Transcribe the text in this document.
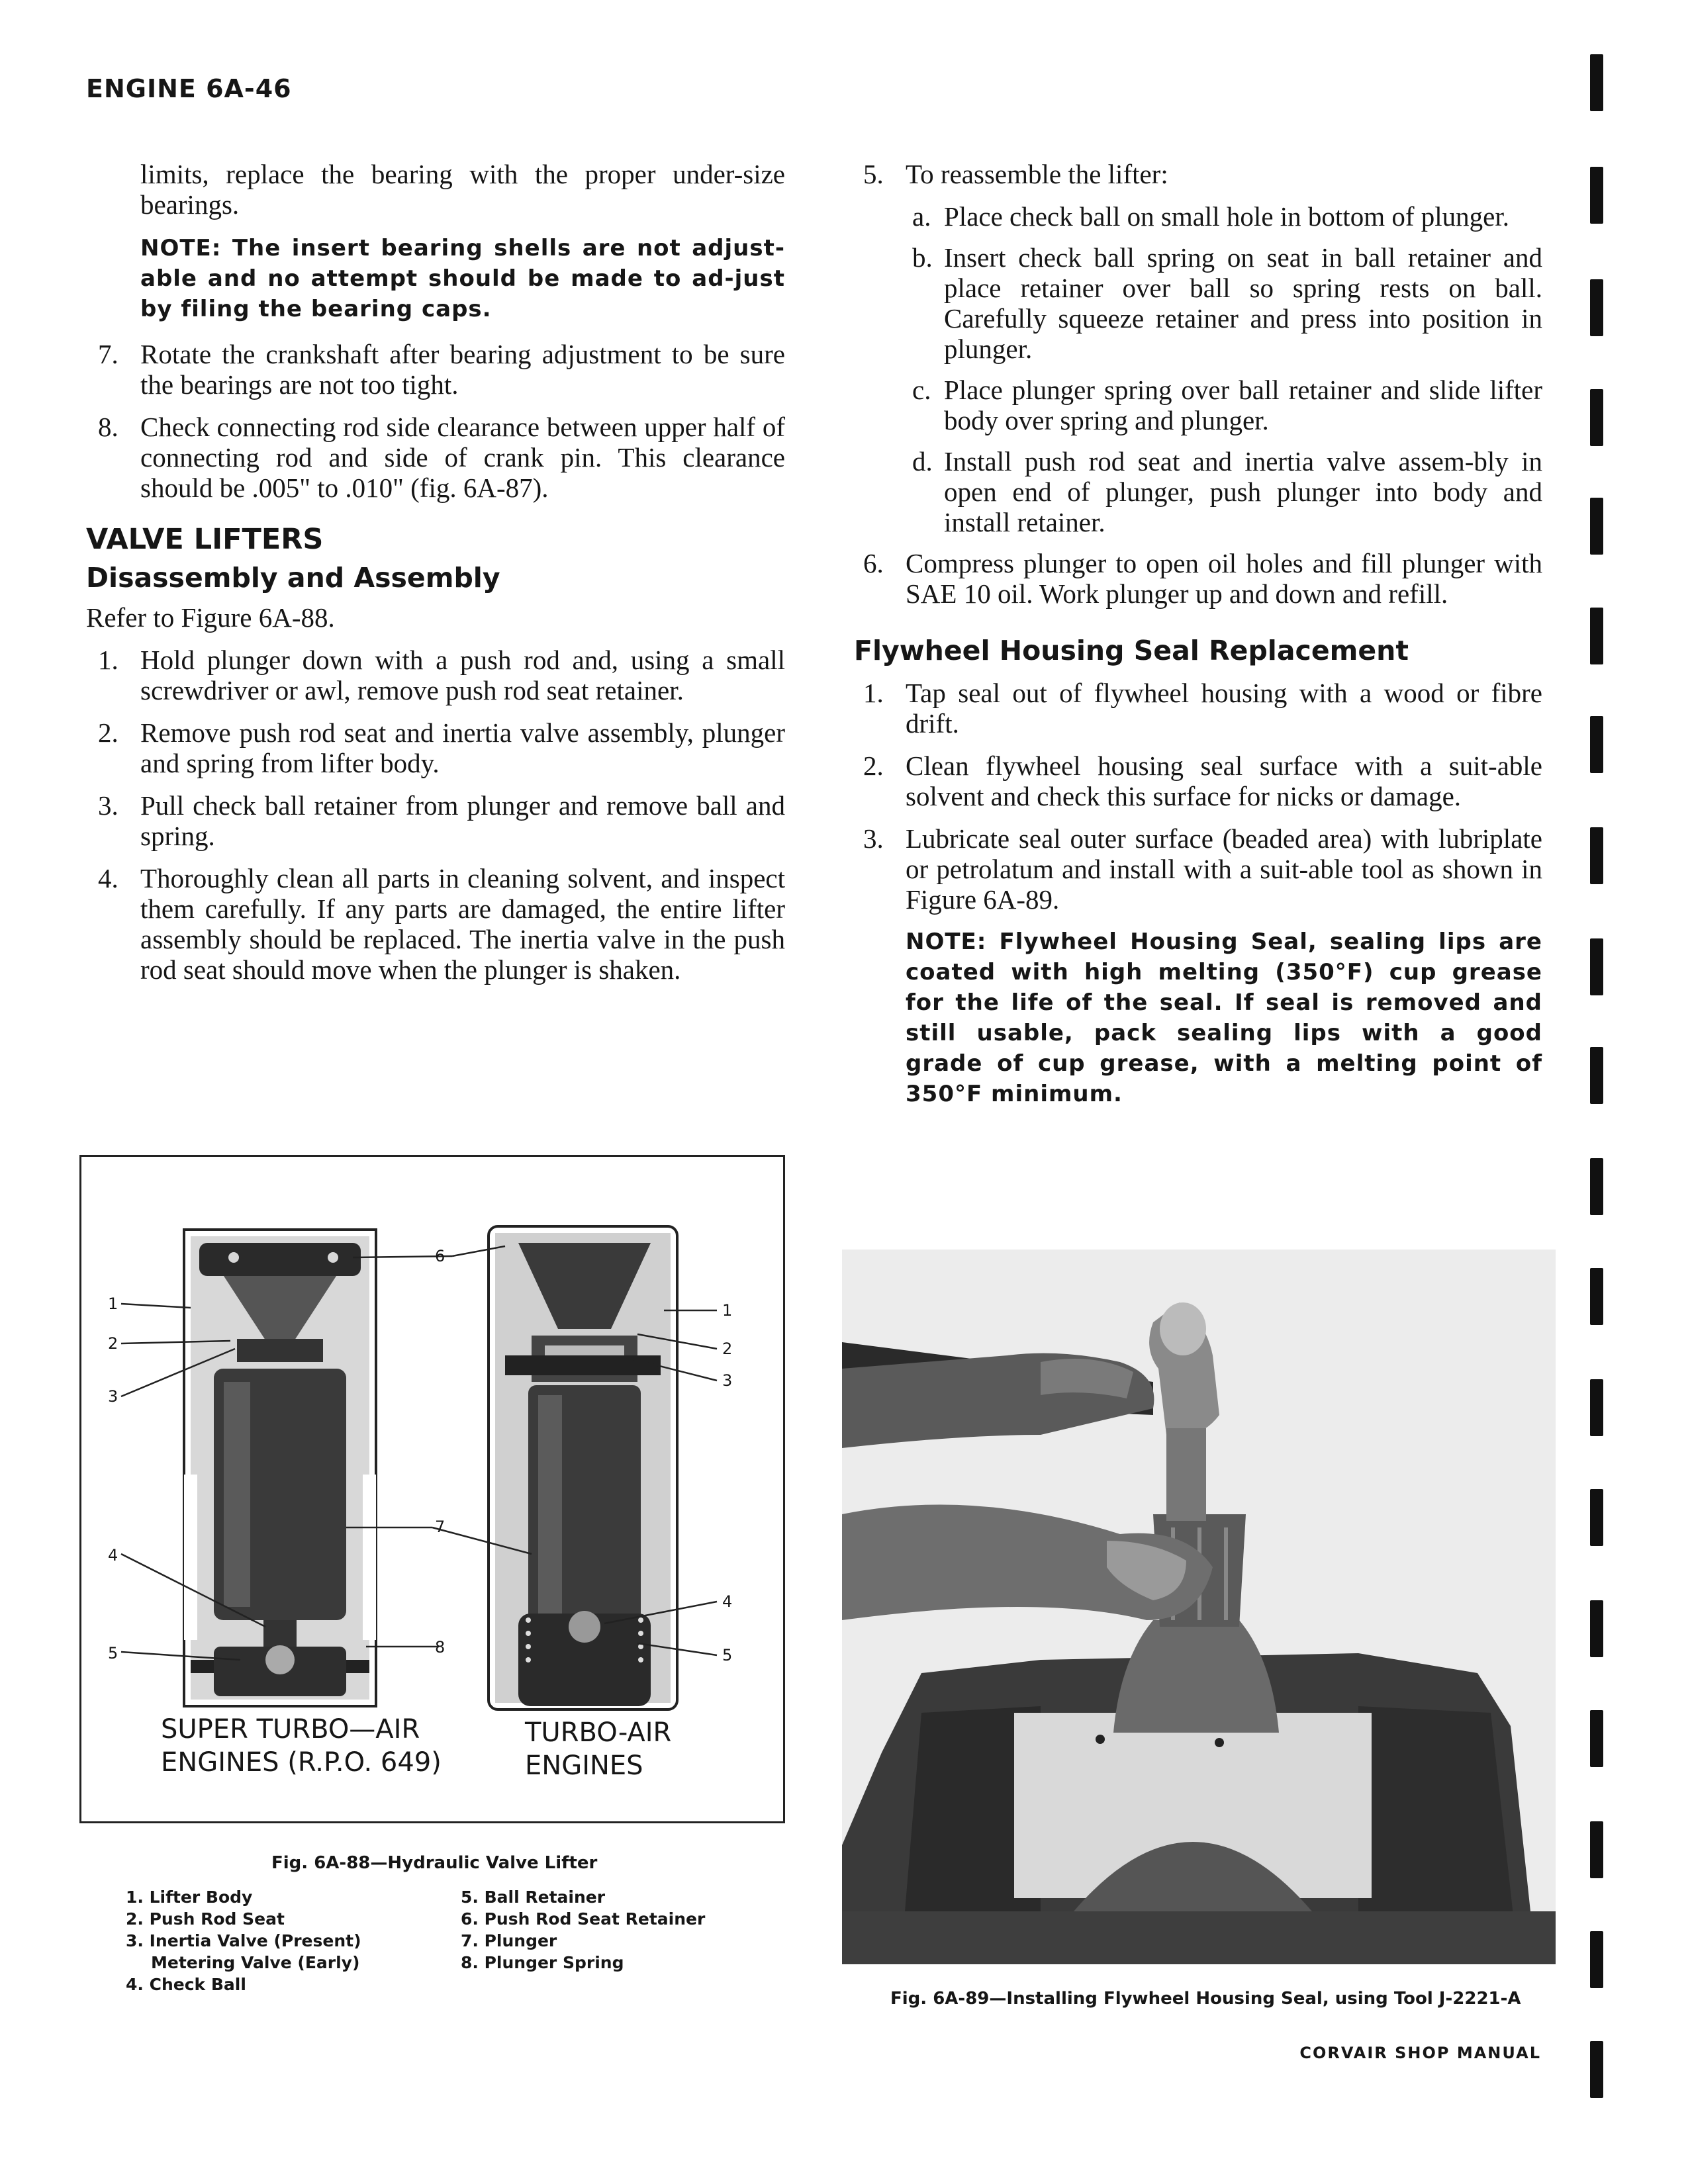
ENGINE 6A-46

limits, replace the bearing with the proper under-size bearings.

NOTE: The insert bearing shells are not adjust-able and no attempt should be made to ad-just by filing the bearing caps.

7. Rotate the crankshaft after bearing adjustment to be sure the bearings are not too tight.
8. Check connecting rod side clearance between upper half of connecting rod and side of crank pin. This clearance should be .005" to .010" (fig. 6A-87).
VALVE LIFTERS
Disassembly and Assembly

Refer to Figure 6A-88.

1. Hold plunger down with a push rod and, using a small screwdriver or awl, remove push rod seat retainer.
2. Remove push rod seat and inertia valve assembly, plunger and spring from lifter body.
3. Pull check ball retainer from plunger and remove ball and spring.
4. Thoroughly clean all parts in cleaning solvent, and inspect them carefully. If any parts are damaged, the entire lifter assembly should be replaced. The inertia valve in the push rod seat should move when the plunger is shaken.
1
2
3
4
5
6
7
8
1
2
3
4
5
SUPER TURBO—AIR
ENGINES (R.P.O. 649)
TURBO-AIR
ENGINES
Fig. 6A-88—Hydraulic Valve Lifter
1. Lifter Body
2. Push Rod Seat
3. Inertia Valve (Present)
Metering Valve (Early)
4. Check Ball
5. Ball Retainer
6. Push Rod Seat Retainer
7. Plunger
8. Plunger Spring
5. To reassemble the lifter:
a. Place check ball on small hole in bottom of plunger.
b. Insert check ball spring on seat in ball retainer and place retainer over ball so spring rests on ball. Carefully squeeze retainer and press into position in plunger.
c. Place plunger spring over ball retainer and slide lifter body over spring and plunger.
d. Install push rod seat and inertia valve assem-bly in open end of plunger, push plunger into body and install retainer.
6. Compress plunger to open oil holes and fill plunger with SAE 10 oil. Work plunger up and down and refill.
Flywheel Housing Seal Replacement
1. Tap seal out of flywheel housing with a wood or fibre drift.
2. Clean flywheel housing seal surface with a suit-able solvent and check this surface for nicks or damage.
3. Lubricate seal outer surface (beaded area) with lubriplate or petrolatum and install with a suit-able tool as shown in Figure 6A-89.

NOTE: Flywheel Housing Seal, sealing lips are coated with high melting (350°F) cup grease for the life of the seal. If seal is removed and still usable, pack sealing lips with a good grade of cup grease, with a melting point of 350°F minimum.

Fig. 6A-89—Installing Flywheel Housing Seal, using Tool J-2221-A
CORVAIR SHOP MANUAL
